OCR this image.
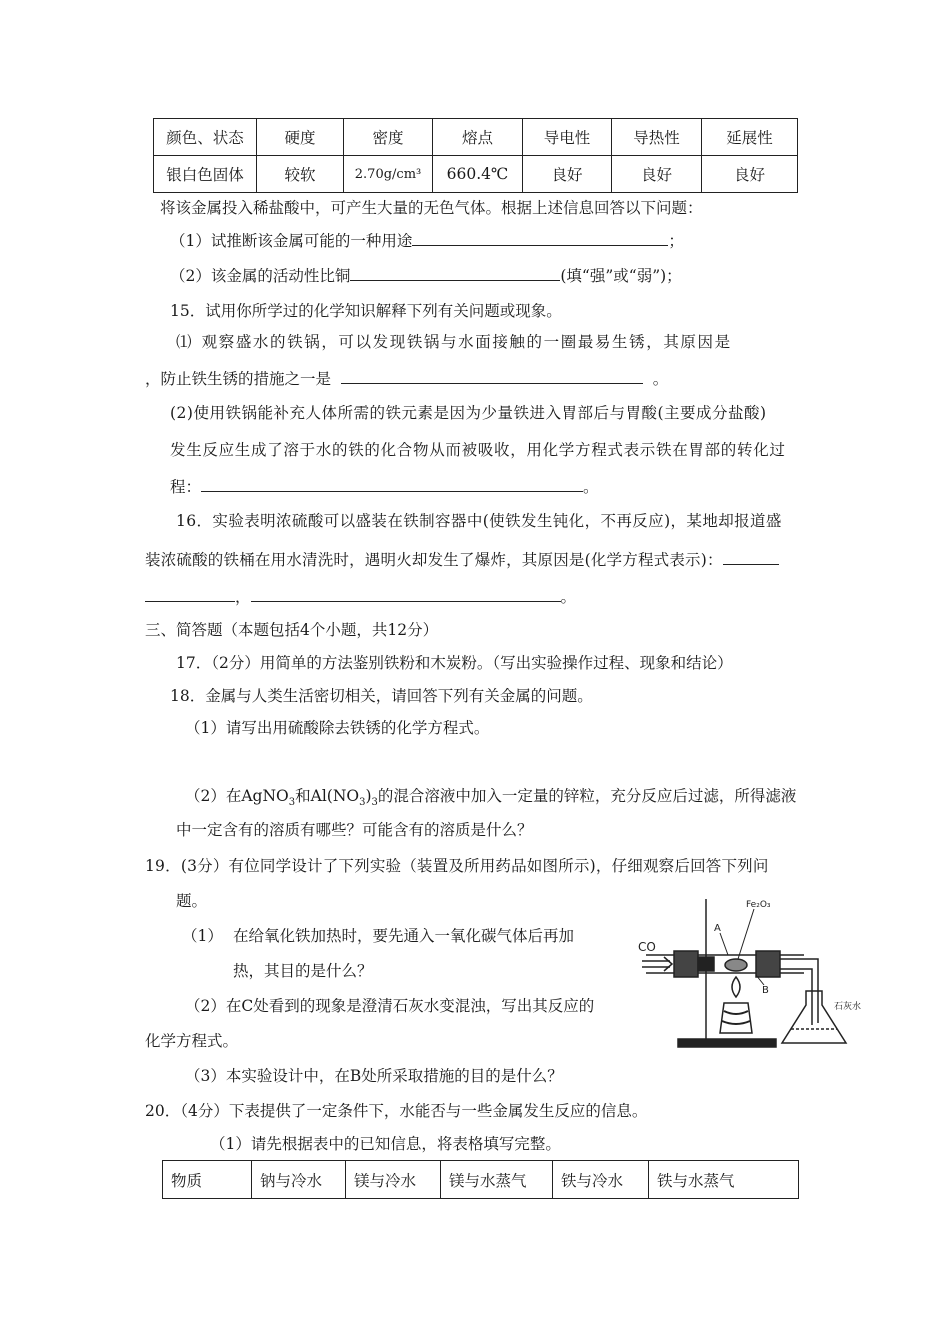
颜色、状态	硬度	密度	熔点	导电性	导热性	延展性
银白色固体	较软	2.70g/cm³	660.4℃	良好	良好	良好
将该金属投入稀盐酸中，可产生大量的无色气体。根据上述信息回答以下问题：
（1）试推断该金属可能的一种用途	；
（2）该金属的活动性比铜	(填“强”或“弱”)；
15．试用你所学过的化学知识解释下列有关问题或现象。
⑴ 观察盛水的铁锅，可以发现铁锅与水面接触的一圈最易生锈，其原因是
，防止铁生锈的措施之一是	。
(2)使用铁锅能补充人体所需的铁元素是因为少量铁进入胃部后与胃酸(主要成分盐酸)
发生反应生成了溶于水的铁的化合物从而被吸收，用化学方程式表示铁在胃部的转化过
程：	。
16．实验表明浓硫酸可以盛装在铁制容器中(使铁发生钝化，不再反应)，某地却报道盛
装浓硫酸的铁桶在用水清洗时，遇明火却发生了爆炸，其原因是(化学方程式表示)：
，	。
三、简答题（本题包括4个小题，共12分）
17．（2分）用简单的方法鉴别铁粉和木炭粉。（写出实验操作过程、现象和结论）
18．金属与人类生活密切相关，请回答下列有关金属的问题。
（1）请写出用硫酸除去铁锈的化学方程式。
（2）在AgNO$_3$和$Al(NO_3)_3$的混合溶液中加入一定量的锌粒，充分反应后过滤，所得滤液
中一定含有的溶质有哪些？可能含有的溶质是什么？
19．(3分）有位同学设计了下列实验（装置及所用药品如图所示)，仔细观察后回答下列问
题。
（1） 在给氧化铁加热时，要先通入一氧化碳气体后再加
热，其目的是什么？
（2）在C处看到的现象是澄清石灰水变混浊，写出其反应的
化学方程式。
（3）本实验设计中，在B处所采取措施的目的是什么？
CO
Fe₂O₃
A
B
石灰水
20．（4分）下表提供了一定条件下，水能否与一些金属发生反应的信息。
（1）请先根据表中的已知信息，将表格填写完整。
物质	钠与冷水	镁与冷水	镁与水蒸气	铁与冷水	铁与水蒸气
